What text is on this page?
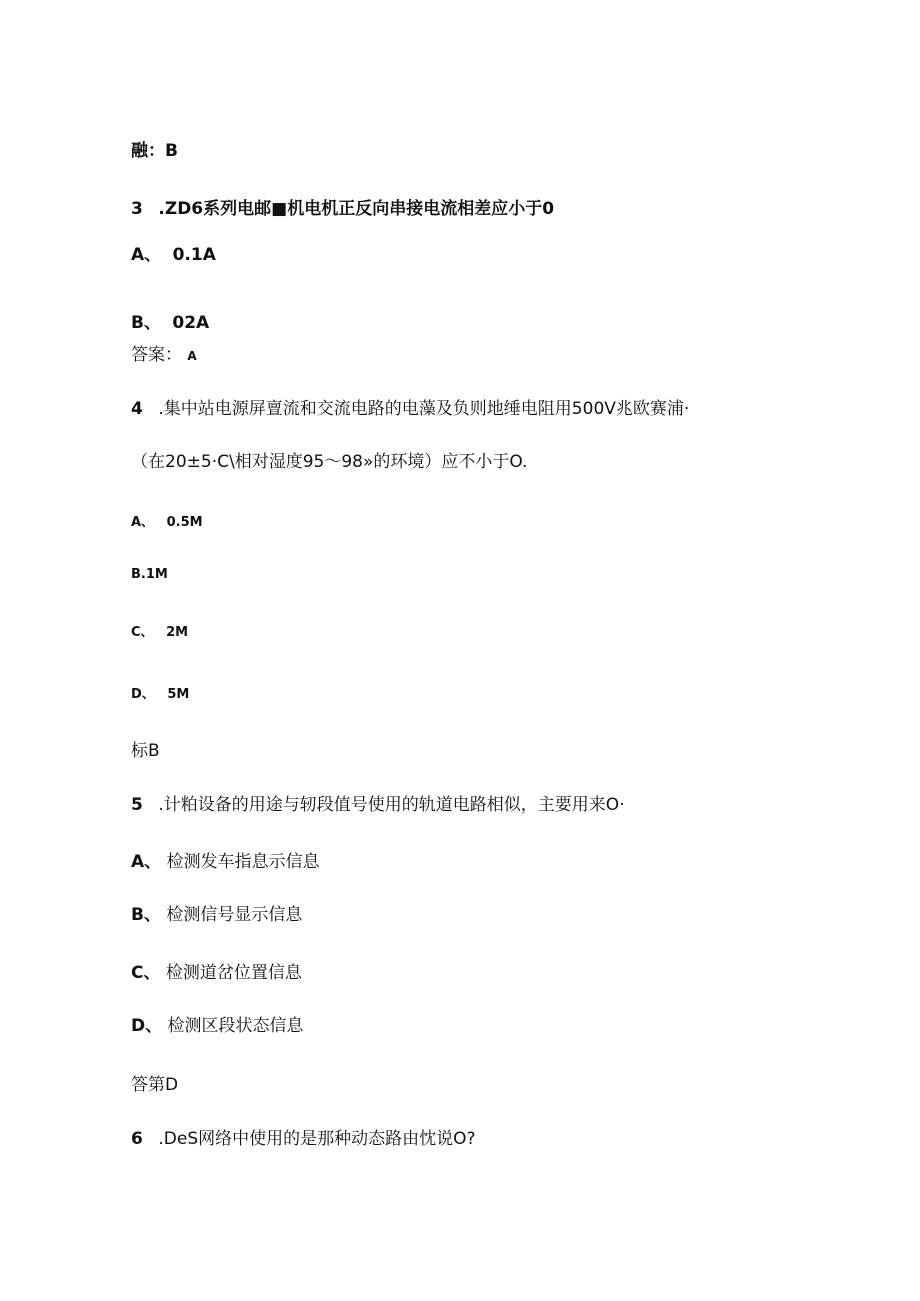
融：B
3 .ZD6系列电邮■机电机正反向串接电流相差应小于0
A、 0.1A
B、 02A
答案： A
4 .集中站电源屏亶流和交流电路的电藻及负则地缍电阻用500V兆欧赛浦·
（在20±5·C\相对湿度95〜98»的环境）应不小于O.
A、 0.5M
B.1M
C、 2M
D、 5M
标B
5 .计粕设备的用途与轫段值号使用的轨道电路相似，主要用来O·
A、 检测发车指息示信息
B、 检测信号显示信息
C、 检测道岔位置信息
D、 检测区段状态信息
答第D
6 .DeS网络中使用的是那种动态路由忱说O?
